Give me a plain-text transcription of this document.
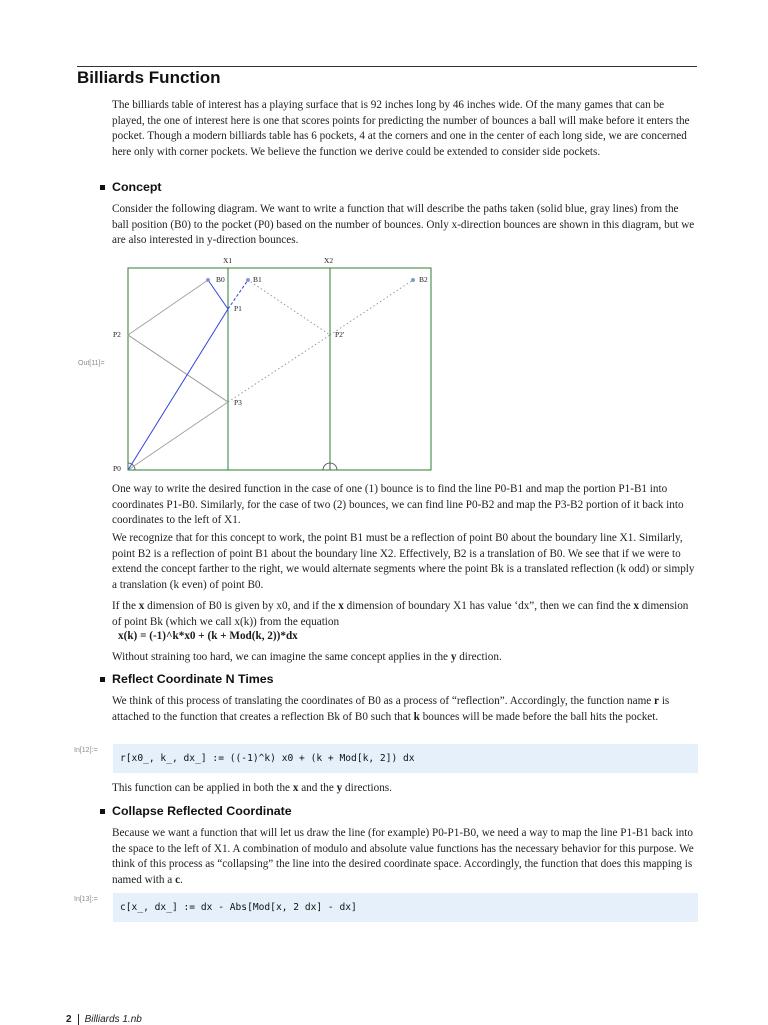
Billiards Function

The billiards table of interest has a playing surface that is 92 inches long by 46 inches wide. Of the many games that can be played, the one of interest here is one that scores points for predicting the number of bounces a ball will make before it enters the pocket. Though a modern billiards table has 6 pockets, 4 at the corners and one in the center of each long side, we are concerned here only with corner pockets. We believe the function we derive could be extended to consider side pockets.

Concept

Consider the following diagram. We want to write a function that will describe the paths taken (solid blue, gray lines) from the ball position (B0) to the pocket (P0) based on the number of bounces. Only x-direction bounces are shown in this diagram, but we are also interested in y-direction bounces.

Out[11]=
X1	X2
B0	B1	B2
P1
P2	P2'
P3
P0

One way to write the desired function in the case of one (1) bounce is to find the line P0-B1 and map the portion P1-B1 into coordinates P1-B0. Similarly, for the case of two (2) bounces, we can find line P0-B2 and map the P3-B2 portion of it back into coordinates to the left of X1.

We recognize that for this concept to work, the point B1 must be a reflection of point B0 about the boundary line X1. Similarly, point B2 is a reflection of point B1 about the boundary line X2. Effectively, B2 is a translation of B0. We see that if we were to extend the concept farther to the right, we would alternate segments where the point Bk is a translated reflection (k odd) or simply a translation (k even) of point B0.

If the x dimension of B0 is given by x0, and if the x dimension of boundary X1 has value ‘dx”, then we can find the x dimension of point Bk (which we call x(k)) from the equation

x(k) = (-1)^k*x0 + (k + Mod(k, 2))*dx

Without straining too hard, we can imagine the same concept applies in the y direction.

Reflect Coordinate N Times

We think of this process of translating the coordinates of B0 as a process of “reflection”. Accordingly, the function name r is attached to the function that creates a reflection Bk of B0 such that k bounces will be made before the ball hits the pocket.

In[12]:=
r[x0_, k_, dx_] := ((-1)^k) x0 + (k + Mod[k, 2]) dx

This function can be applied in both the x and the y directions.

Collapse Reflected Coordinate

Because we want a function that will let us draw the line (for example) P0-P1-B0, we need a way to map the line P1-B1 back into the space to the left of X1. A combination of modulo and absolute value functions has the necessary behavior for this purpose. We think of this process as “collapsing” the line into the desired coordinate space. Accordingly, the function that does this mapping is named with a c.

In[13]:=
c[x_, dx_] := dx - Abs[Mod[x, 2 dx] - dx]
2 Billiards 1.nb
